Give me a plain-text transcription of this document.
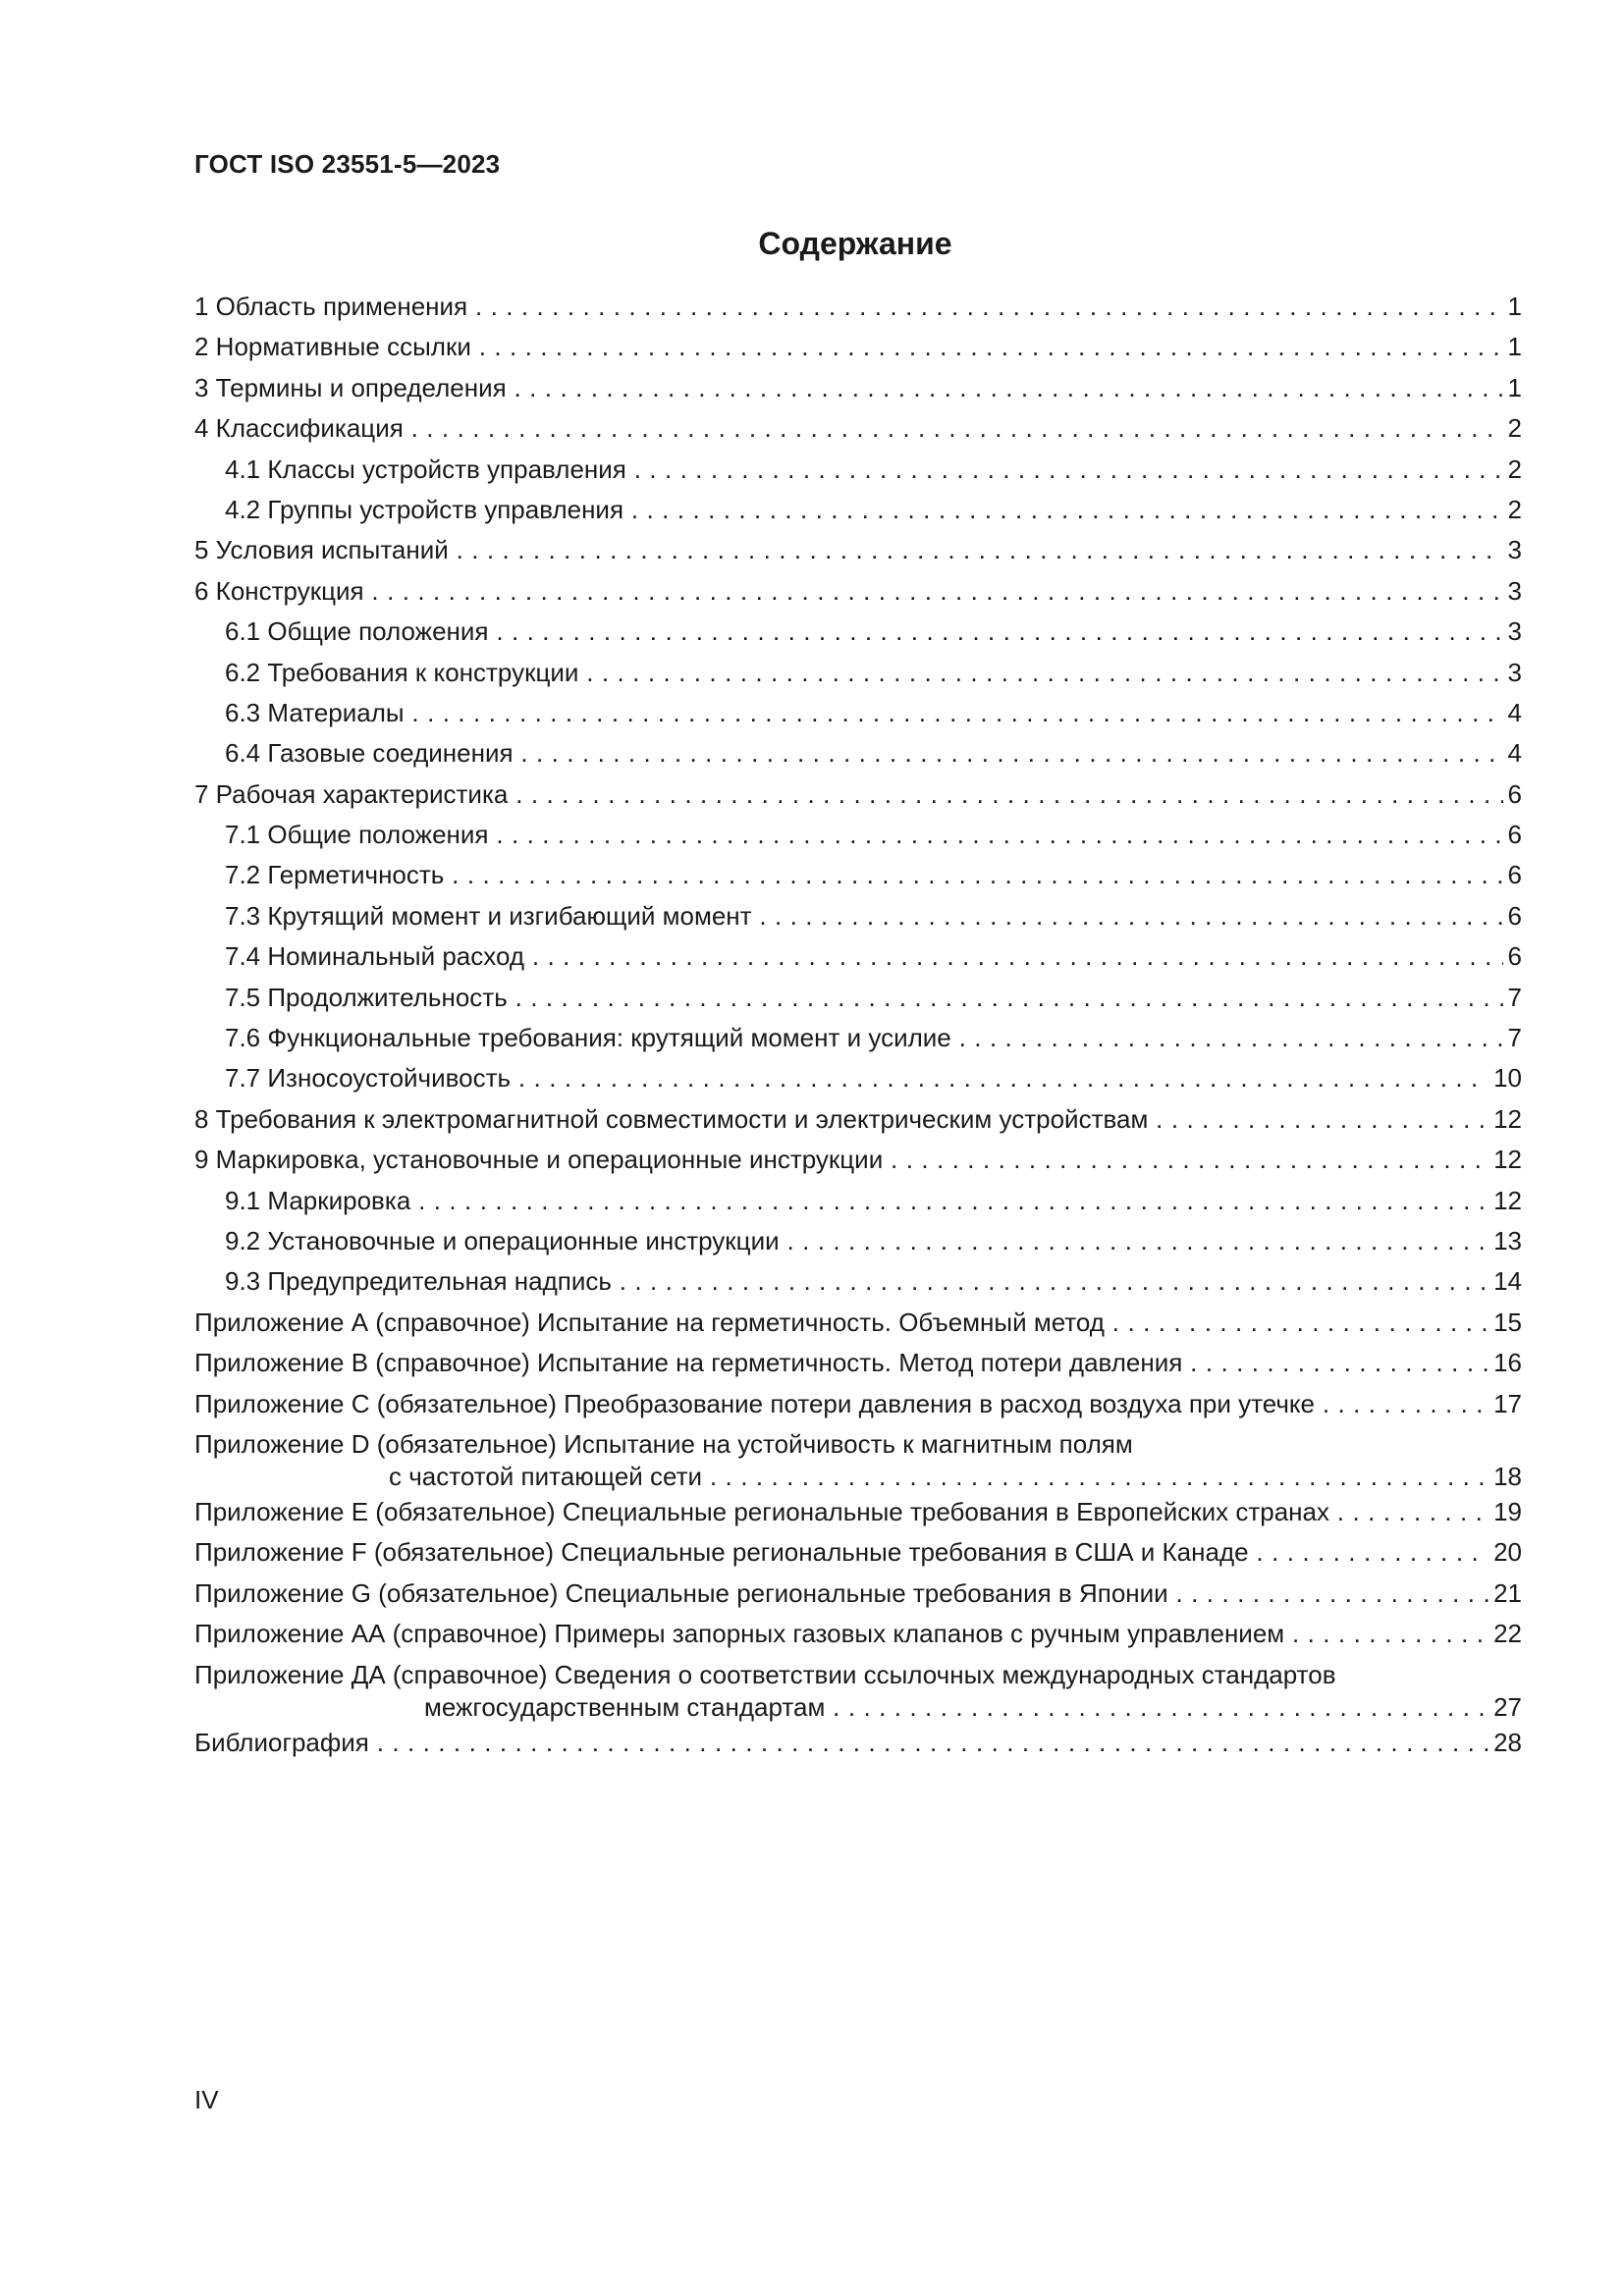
ГОСТ ISO 23551-5—2023
Содержание
1 Область применения . . .	1
2 Нормативные ссылки . . .	1
3 Термины и определения . . .	1
4 Классификация . . .	2
4.1 Классы устройств управления . . .	2
4.2 Группы устройств управления . . .	2
5 Условия испытаний . . .	3
6 Конструкция . . .	3
6.1 Общие положения . . .	3
6.2 Требования к конструкции . . .	3
6.3 Материалы . . .	4
6.4 Газовые соединения . . .	4
7 Рабочая характеристика . . .	6
7.1 Общие положения . . .	6
7.2 Герметичность . . .	6
7.3 Крутящий момент и изгибающий момент . . .	6
7.4 Номинальный расход . . .	6
7.5 Продолжительность . . .	7
7.6 Функциональные требования: крутящий момент и усилие . . .	7
7.7 Износоустойчивость . . .	10
8 Требования к электромагнитной совместимости и электрическим устройствам . . .	12
9 Маркировка, установочные и операционные инструкции . . .	12
9.1 Маркировка . . .	12
9.2 Установочные и операционные инструкции . . .	13
9.3 Предупредительная надпись . . .	14
Приложение А (справочное) Испытание на герметичность. Объемный метод . . .	15
Приложение В (справочное) Испытание на герметичность. Метод потери давления . . .	16
Приложение С (обязательное) Преобразование потери давления в расход воздуха при утечке . . .	17
Приложение D (обязательное) Испытание на устойчивость к магнитным полям
с частотой питающей сети . . .	18
Приложение E (обязательное) Специальные региональные требования в Европейских странах . . .	19
Приложение F (обязательное) Специальные региональные требования в США и Канаде . . .	20
Приложение G (обязательное) Специальные региональные требования в Японии . . .	21
Приложение АА (справочное) Примеры запорных газовых клапанов с ручным управлением . . .	22
Приложение ДА (справочное) Сведения о соответствии ссылочных международных стандартов
межгосударственным стандартам . . .	27
Библиография . . .	28
IV
